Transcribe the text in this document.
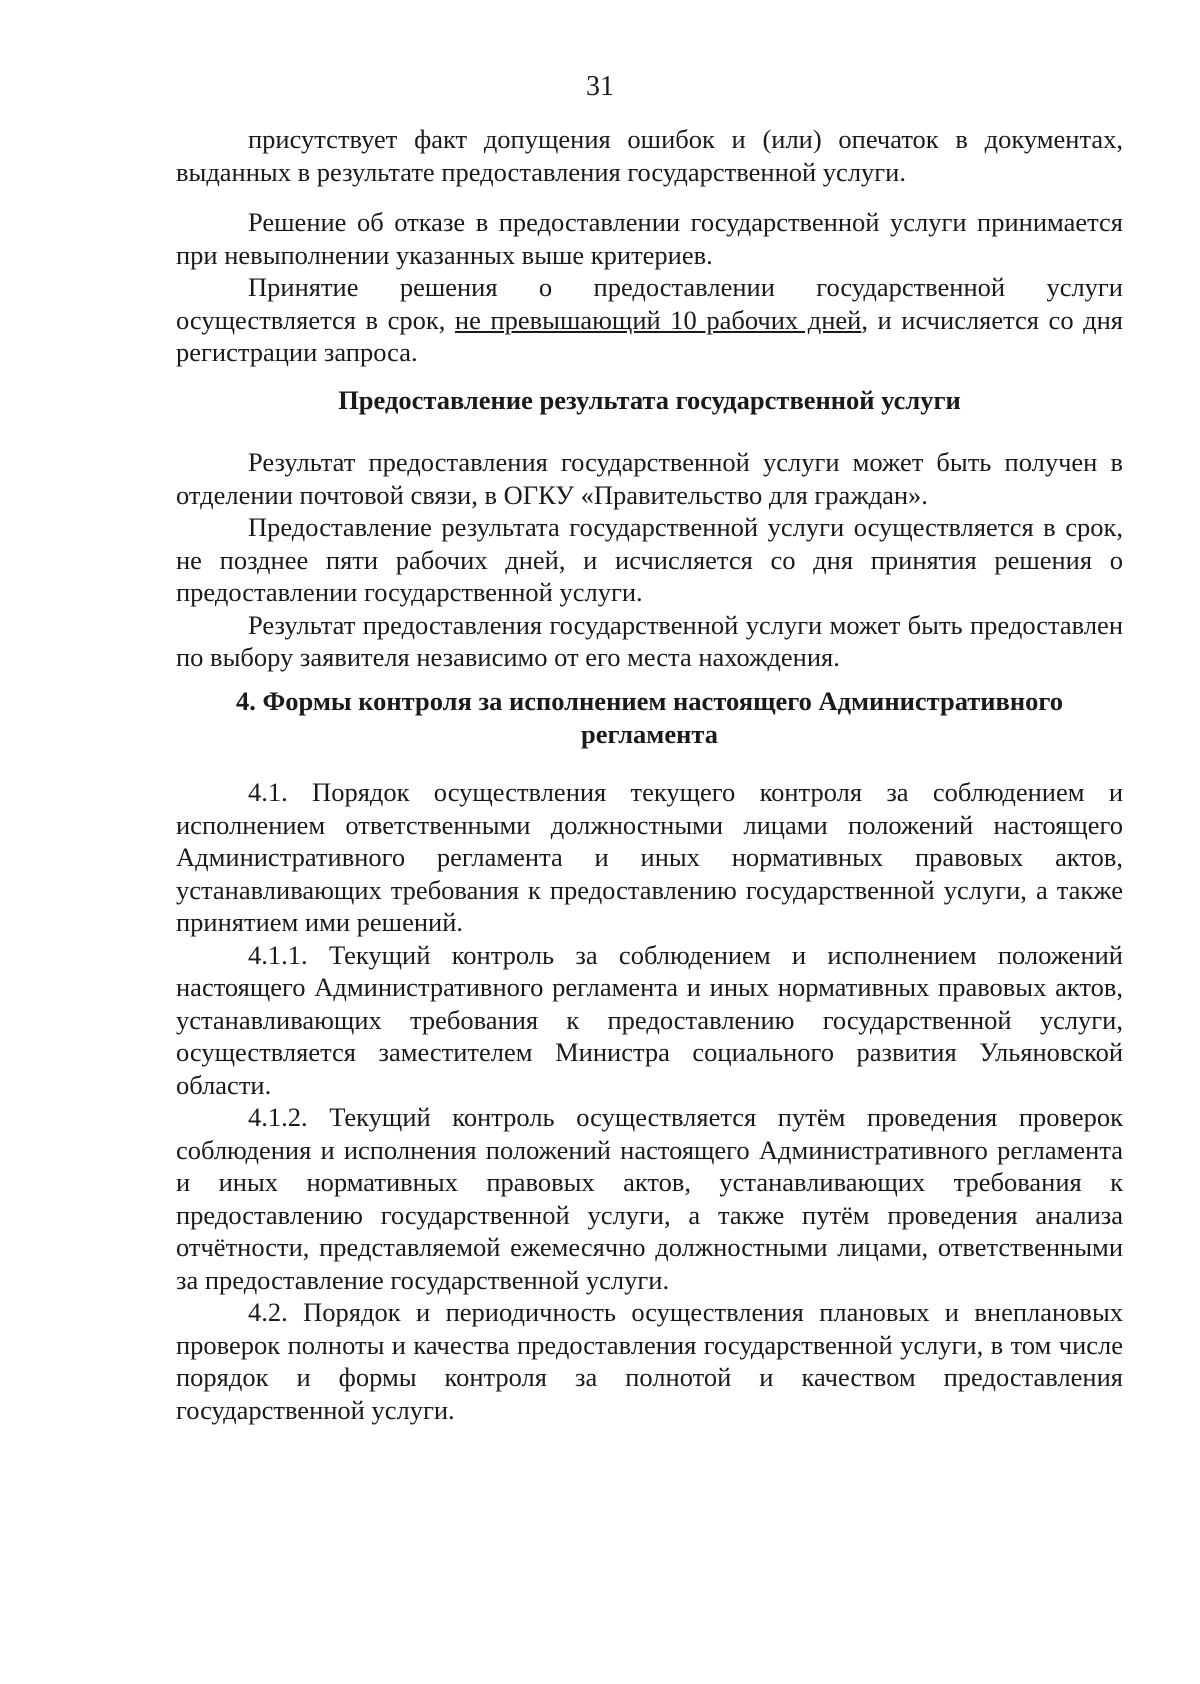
31

присутствует факт допущения ошибок и (или) опечаток в документах, выданных в результате предоставления государственной услуги.

Решение об отказе в предоставлении государственной услуги принимается при невыполнении указанных выше критериев.

Принятие решения о предоставлении государственной услуги осуществляется в срок, не превышающий 10 рабочих дней, и исчисляется со дня регистрации запроса.

Предоставление результата государственной услуги

Результат предоставления государственной услуги может быть получен в отделении почтовой связи, в ОГКУ «Правительство для граждан».

Предоставление результата государственной услуги осуществляется в срок, не позднее пяти рабочих дней, и исчисляется со дня принятия решения о предоставлении государственной услуги.

Результат предоставления государственной услуги может быть предоставлен по выбору заявителя независимо от его места нахождения.

4. Формы контроля за исполнением настоящего Административного
регламента

4.1. Порядок осуществления текущего контроля за соблюдением и исполнением ответственными должностными лицами положений настоящего Административного регламента и иных нормативных правовых актов, устанавливающих требования к предоставлению государственной услуги, а также принятием ими решений.

4.1.1. Текущий контроль за соблюдением и исполнением положений настоящего Административного регламента и иных нормативных правовых актов, устанавливающих требования к предоставлению государственной услуги, осуществляется заместителем Министра социального развития Ульяновской области.

4.1.2. Текущий контроль осуществляется путём проведения проверок соблюдения и исполнения положений настоящего Административного регламента и иных нормативных правовых актов, устанавливающих требования к предоставлению государственной услуги, а также путём проведения анализа отчётности, представляемой ежемесячно должностными лицами, ответственными за предоставление государственной услуги.

4.2. Порядок и периодичность осуществления плановых и внеплановых проверок полноты и качества предоставления государственной услуги, в том числе порядок и формы контроля за полнотой и качеством предоставления государственной услуги.
